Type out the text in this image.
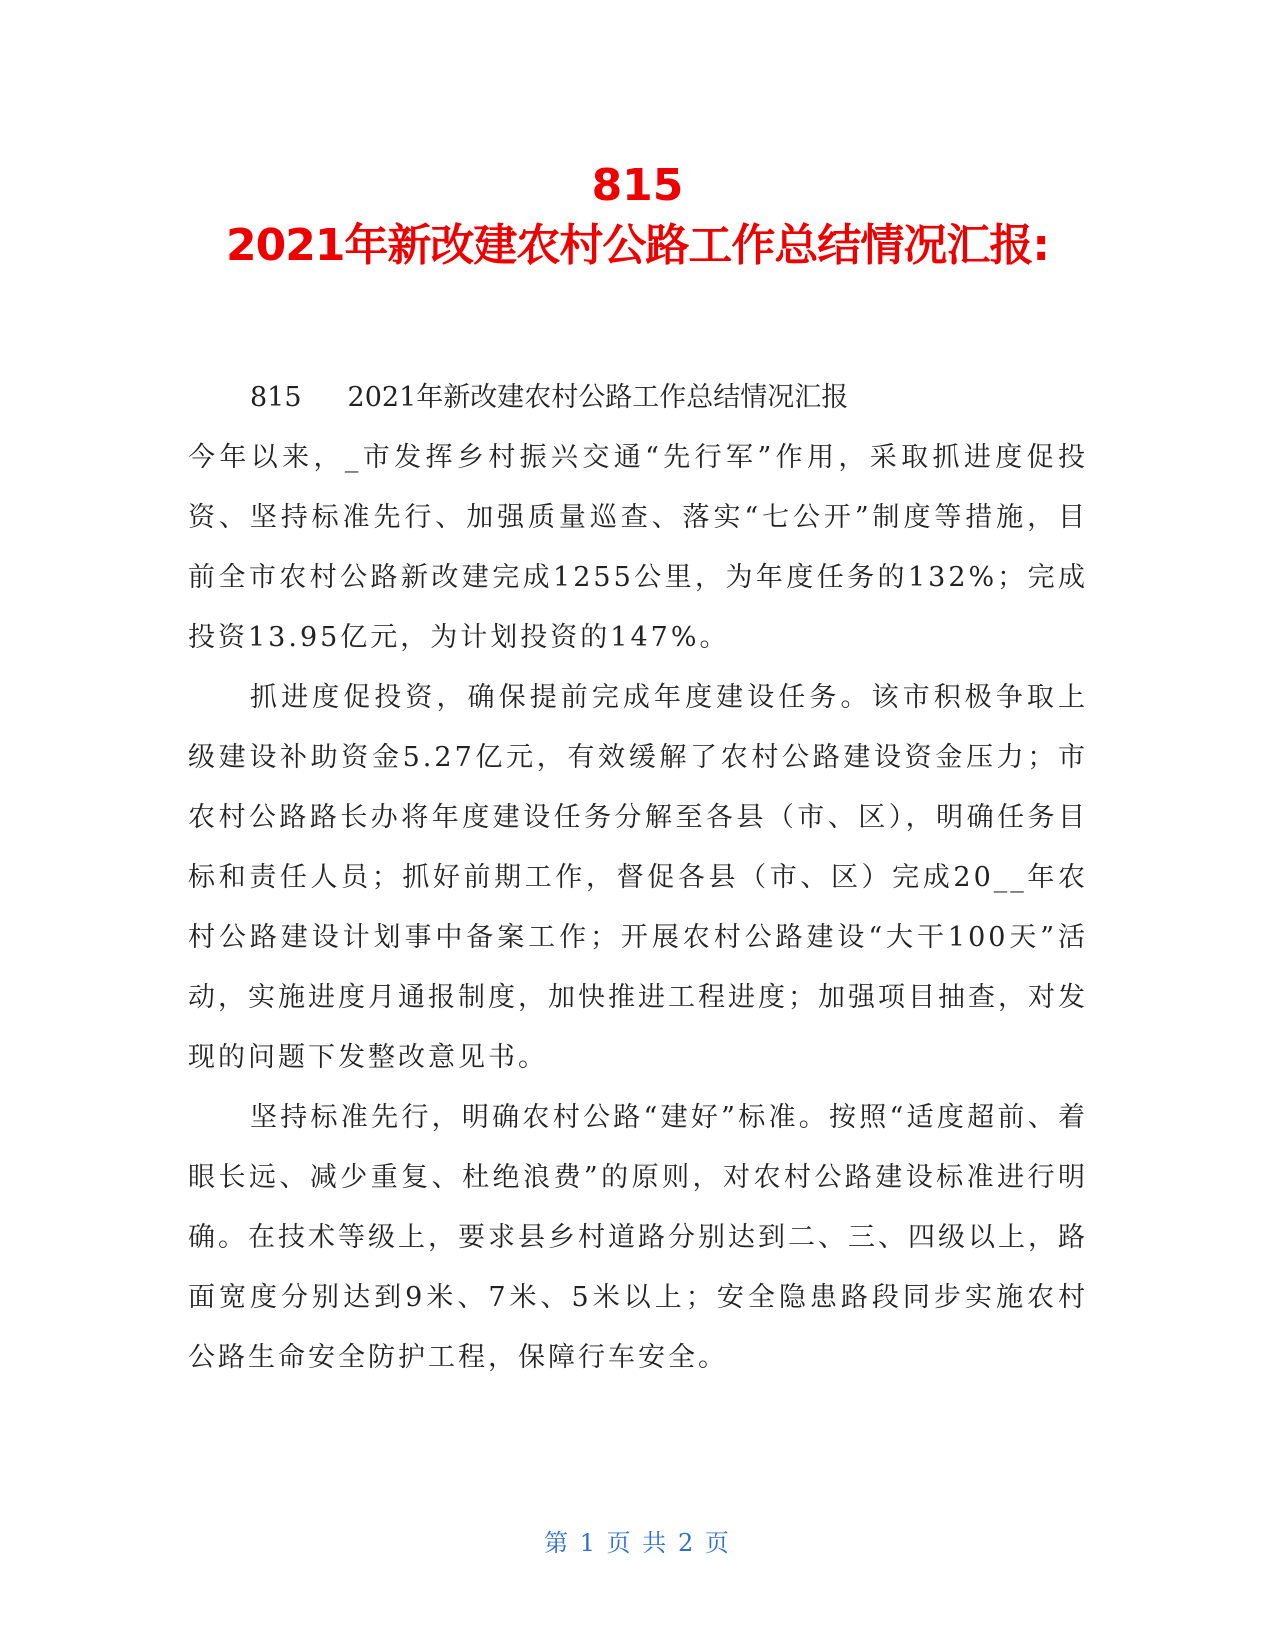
815
2021年新改建农村公路工作总结情况汇报:

815 2021年新改建农村公路工作总结情况汇报

今年以来，_市发挥乡村振兴交通“先行军”作用，采取抓进度促投资、坚持标准先行、加强质量巡查、落实“七公开”制度等措施，目前全市农村公路新改建完成1255公里，为年度任务的132%；完成投资13.95亿元，为计划投资的147%。

抓进度促投资，确保提前完成年度建设任务。该市积极争取上级建设补助资金5.27亿元，有效缓解了农村公路建设资金压力；市农村公路路长办将年度建设任务分解至各县（市、区），明确任务目标和责任人员；抓好前期工作，督促各县（市、区）完成20__年农村公路建设计划事中备案工作；开展农村公路建设“大干100天”活动，实施进度月通报制度，加快推进工程进度；加强项目抽查，对发现的问题下发整改意见书。

坚持标准先行，明确农村公路“建好”标准。按照“适度超前、着眼长远、减少重复、杜绝浪费”的原则，对农村公路建设标准进行明确。在技术等级上，要求县乡村道路分别达到二、三、四级以上，路面宽度分别达到9米、7米、5米以上；安全隐患路段同步实施农村公路生命安全防护工程，保障行车安全。

第 1 页 共 2 页
